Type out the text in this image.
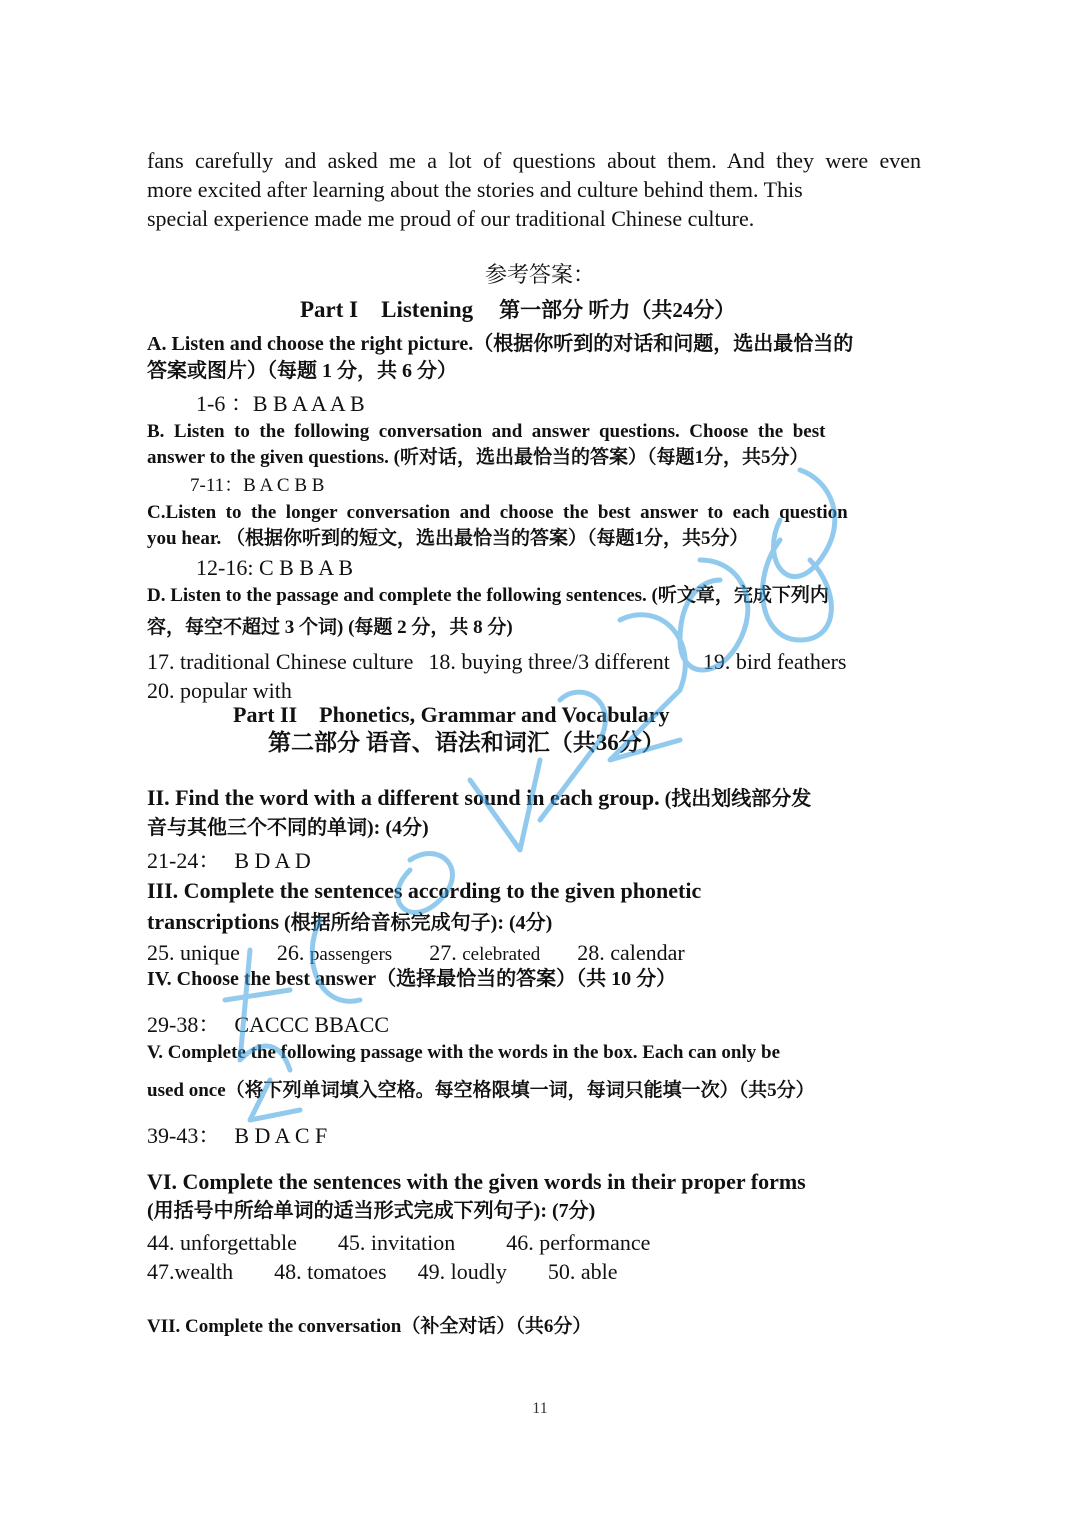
fans carefully and asked me a lot of questions about them. And they were even
more excited after learning about the stories and culture behind them. This
special experience made me proud of our traditional Chinese culture.
参考答案：
Part I　Listening 第一部分 听力（共24分）
A. Listen and choose the right picture.（根据你听到的对话和问题，选出最恰当的
答案或图片）（每题 1 分，共 6 分）
1-6 ：B B A A A B
B.  Listen  to  the  following  conversation  and  answer  questions.  Choose  the  best
answer to the given questions. (听对话，选出最恰当的答案）（每题1分，共5分）
7-11：B A C B B
C.Listen  to  the  longer  conversation  and  choose  the  best  answer  to  each  question
you hear. （根据你听到的短文，选出最恰当的答案）（每题1分，共5分）
12-16: C B B A B
D. Listen to the passage and complete the following sentences. (听文章，完成下列内
容，每空不超过 3 个词) (每题 2 分，共 8 分)
17. traditional Chinese culture 18. buying three/3 different 19. bird feathers
20. popular with
Part II　Phonetics, Grammar and Vocabulary
第二部分 语音、语法和词汇（共36分）
II. Find the word with a different sound in each group. (找出划线部分发
音与其他三个不同的单词): (4分)
21-24： B D A D
III. Complete the sentences according to the given phonetic
transcriptions (根据所给音标完成句子): (4分)
25. unique 26. passengers 27. celebrated 28. calendar
IV. Choose the best answer（选择最恰当的答案）（共 10 分）
29-38： CACCC BBACC
V. Complete the following passage with the words in the box. Each can only be
used once（将下列单词填入空格。每空格限填一词，每词只能填一次）（共5分）
39-43： B D A C F
VI. Complete the sentences with the given words in their proper forms
(用括号中所给单词的适当形式完成下列句子): (7分)
44. unforgettable 45. invitation 46. performance
47.wealth 48. tomatoes 49. loudly 50. able
VII. Complete the conversation（补全对话）（共6分）
11
